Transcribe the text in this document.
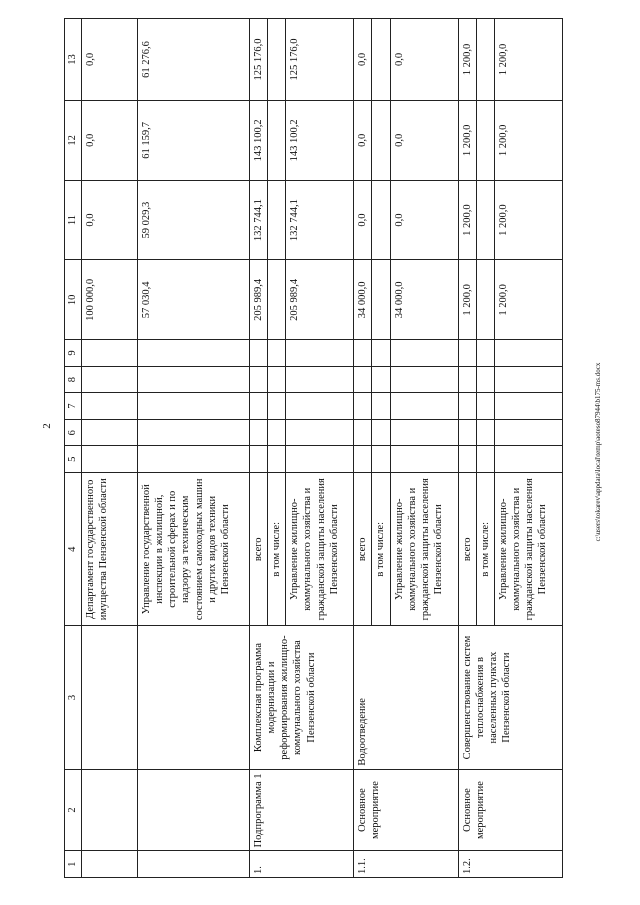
2	c:\users\tokarev\appdata\local\temp\aoteso87944\b175-ms.docx
1	2	3	4	5	6	7	8	9	10	11	12	13
			Департамент государственного имущества Пензенской области						100 000,0	0,0	0,0	0,0
			Управление государственной инспекции в жилищной, строительной сферах и по надзору за техническим состоянием самоходных машин и других видов техники Пензенской области						57 030,4	59 029,3	61 159,7	61 276,6
1.	Подпрограмма 1	Комплексная программа модернизации и реформирования жилищно-коммунального хозяйства Пензенской области	всего						205 989,4	132 744,1	143 100,2	125 176,0
			в том числе:									
			Управление жилищно-коммунального хозяйства и гражданской защиты населения Пензенской области						205 989,4	132 744,1	143 100,2	125 176,0
1.1.	Основное мероприятие	Водоотведение	всего						34 000,0	0,0	0,0	0,0
			в том числе:									
			Управление жилищно-коммунального хозяйства и гражданской защиты населения Пензенской области						34 000,0	0,0	0,0	0,0
1.2.	Основное мероприятие	Совершенствование систем теплоснабжения в населенных пунктах Пензенской области	всего						1 200,0	1 200,0	1 200,0	1 200,0
			в том числе:									
			Управление жилищно-коммунального хозяйства и гражданской защиты населения Пензенской области						1 200,0	1 200,0	1 200,0	1 200,0
